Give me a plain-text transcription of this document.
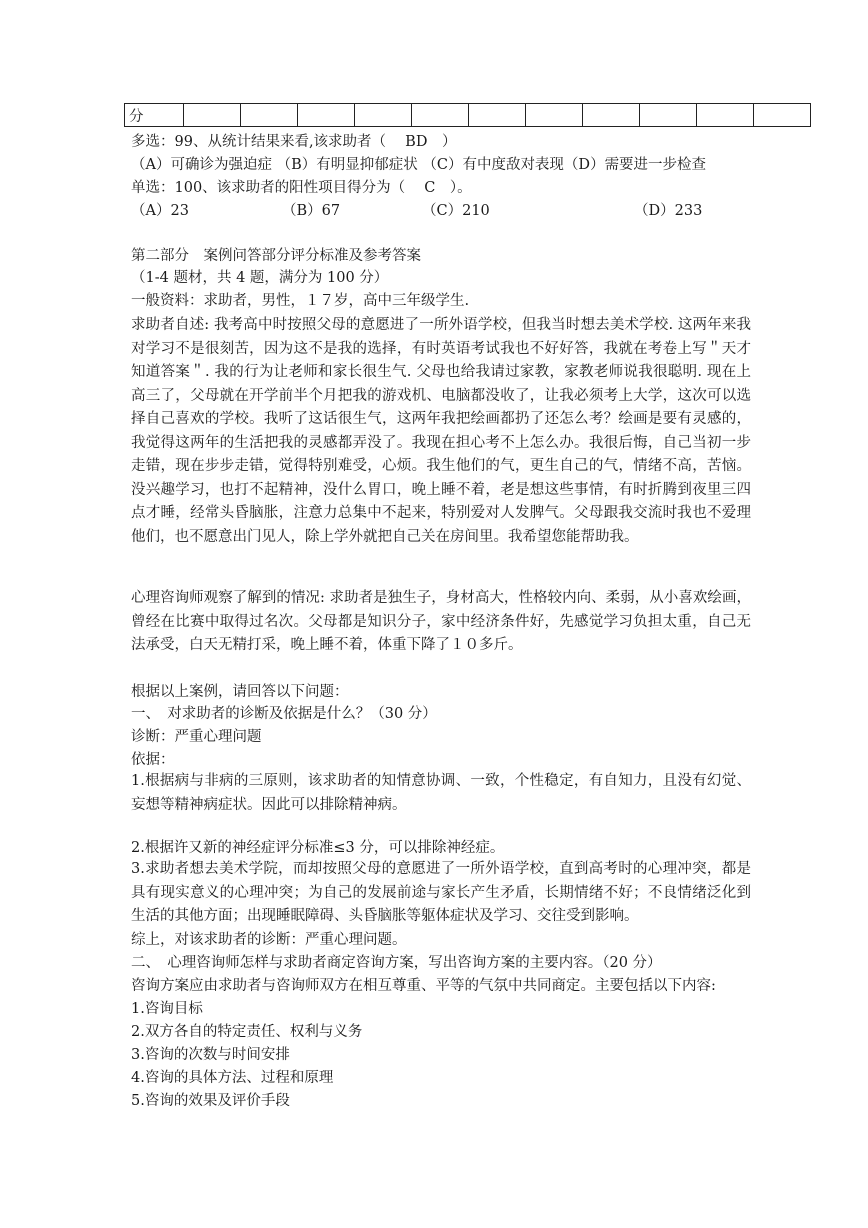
分											
多选：99、从统计结果来看,该求助者（　 BD　）
（A）可确诊为强迫症 （B）有明显抑郁症状 （C）有中度敌对表现（D）需要进一步检查
单选：100、该求助者的阳性项目得分为（　 C　）。
（A）23	（B）67	（C）210	（D）233
第二部分　案例问答部分评分标准及参考答案
（1-4 题材，共 4 题，满分为 100 分）
一般资料：求助者，男性，１７岁，高中三年级学生.
求助者自述: 我考高中时按照父母的意愿进了一所外语学校，但我当时想去美术学校. 这两年来我对学习不是很刻苦，因为这不是我的选择，有时英语考试我也不好好答，我就在考卷上写＂天才知道答案＂. 我的行为让老师和家长很生气. 父母也给我请过家教，家教老师说我很聪明. 现在上高三了，父母就在开学前半个月把我的游戏机、电脑都没收了，让我必须考上大学，这次可以选择自己喜欢的学校。我听了这话很生气，这两年我把绘画都扔了还怎么考？绘画是要有灵感的，我觉得这两年的生活把我的灵感都弄没了。我现在担心考不上怎么办。我很后悔，自己当初一步走错，现在步步走错，觉得特别难受，心烦。我生他们的气，更生自己的气，情绪不高，苦恼。没兴趣学习，也打不起精神，没什么胃口，晚上睡不着，老是想这些事情，有时折腾到夜里三四点才睡，经常头昏脑胀，注意力总集中不起来，特别爱对人发脾气。父母跟我交流时我也不爱理他们，也不愿意出门见人，除上学外就把自己关在房间里。我希望您能帮助我。
心理咨询师观察了解到的情况: 求助者是独生子，身材高大，性格较内向、柔弱，从小喜欢绘画，曾经在比赛中取得过名次。父母都是知识分子，家中经济条件好，先感觉学习负担太重，自己无法承受，白天无精打采，晚上睡不着，体重下降了１０多斤。
根据以上案例，请回答以下问题：
一、　对求助者的诊断及依据是什么？（30 分）
诊断：严重心理问题
依据：
1.根据病与非病的三原则，该求助者的知情意协调、一致，个性稳定，有自知力，且没有幻觉、妄想等精神病症状。因此可以排除精神病。
2.根据许又新的神经症评分标准≤3 分，可以排除神经症。
3.求助者想去美术学院，而却按照父母的意愿进了一所外语学校，直到高考时的心理冲突，都是具有现实意义的心理冲突；为自己的发展前途与家长产生矛盾，长期情绪不好；不良情绪泛化到生活的其他方面；出现睡眠障碍、头昏脑胀等躯体症状及学习、交往受到影响。
综上，对该求助者的诊断：严重心理问题。
二、　心理咨询师怎样与求助者商定咨询方案，写出咨询方案的主要内容。（20 分）
咨询方案应由求助者与咨询师双方在相互尊重、平等的气氛中共同商定。主要包括以下内容:
1.咨询目标
2.双方各自的特定责任、权利与义务
3.咨询的次数与时间安排
4.咨询的具体方法、过程和原理
5.咨询的效果及评价手段
